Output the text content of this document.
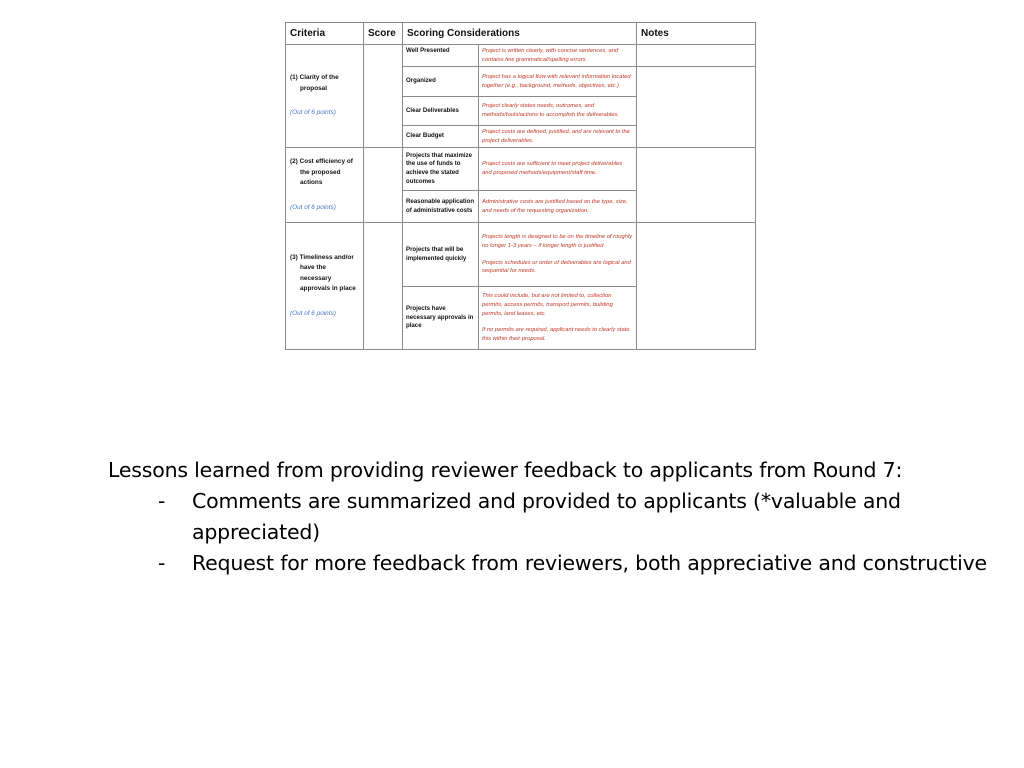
Criteria	Score	Scoring Considerations		Notes

(1) Clarity of the
proposal
(Out of 6 points)		Well Presented	Project is written clearly, with concise sentences, and contains few grammatical/spelling errors.	
		Organized	Project has a logical flow with relevant information located together (e.g., background, methods, objectives, etc.)	
		Clear Deliverables	Project clearly states needs, outcomes, and methods/tools/actions to accomplish the deliverables.	
		Clear Budget	Project costs are defined, justified, and are relevant to the project deliverables.	

(2) Cost efficiency of
the proposed
actions
(Out of 6 points)		Projects that maximize the use of funds to achieve the stated outcomes	Project costs are sufficient to meet project deliverables and proposed methods/equipment/staff time.	
		Reasonable application of administrative costs	Administrative costs are justified based on the type, size, and needs of the requesting organization.	

(3) Timeliness and/or
have the
necessary
approvals in place
(Out of 6 points)		Projects that will be implemented quickly	Projects length is designed to be on the timeline of roughly no longer 1-3 years – if longer length is justified
Projects schedules or order of deliverables are logical and sequential for needs.	

		Projects have necessary approvals in place	This could include, but are not limited to, collection permits, access permits, transport permits, building permits, land leases, etc.
If no permits are required, applicant needs to clearly state this within their proposal.	
Lessons learned from providing reviewer feedback to applicants from Round 7:
- Comments are summarized and provided to applicants (*valuable and appreciated)
- Request for more feedback from reviewers, both appreciative and constructive
